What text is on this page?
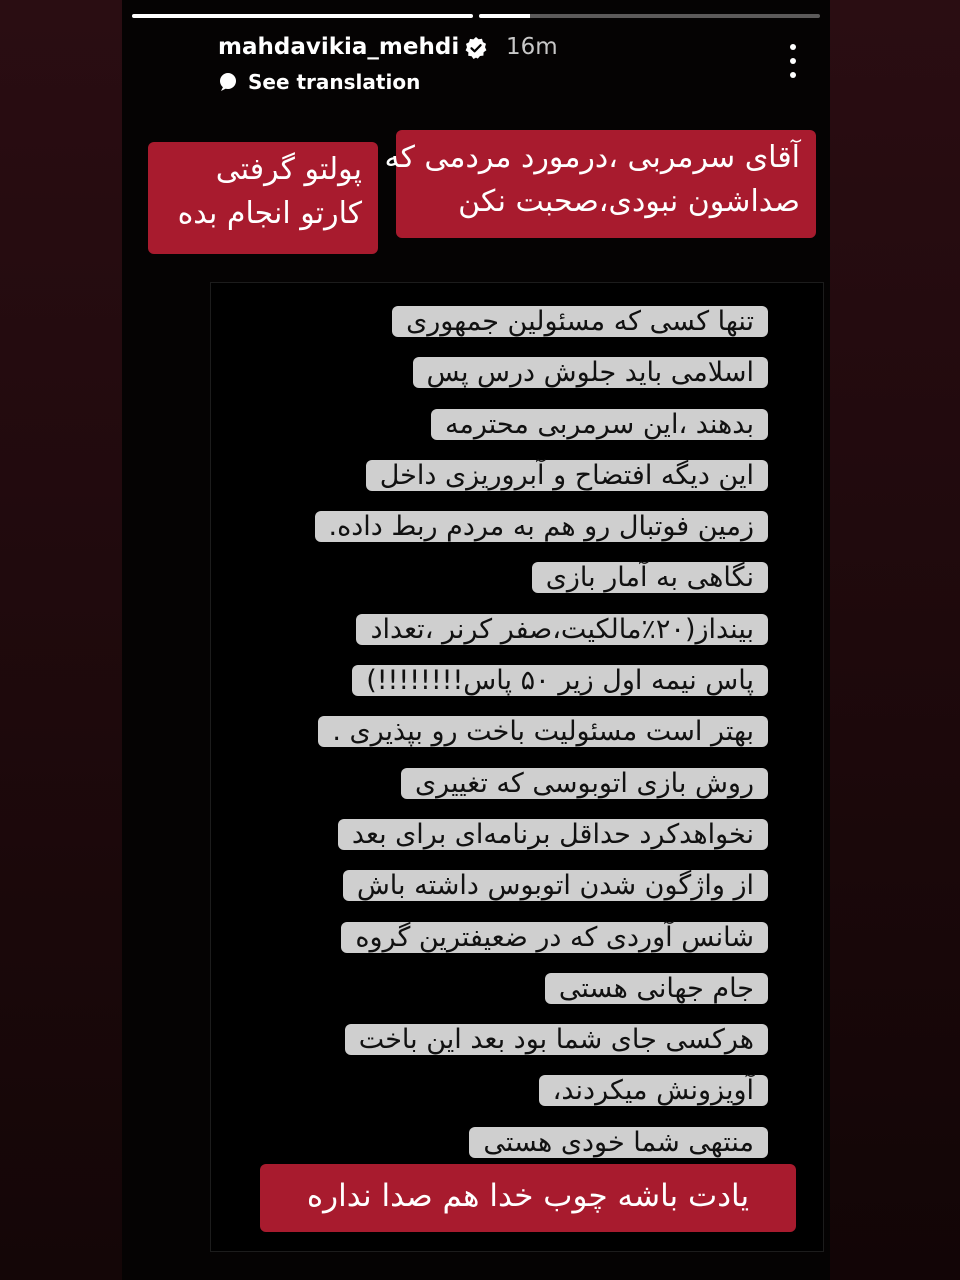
mahdavikia_mehdi 16m
See translation
پولتو گرفتی
کارتو انجام بده
آقای سرمربی ،درمورد مردمی که
صداشون نبودی،صحبت نکن
تنها کسی که مسئولین جمهوری
اسلامی باید جلوش درس پس
بدهند ،این سرمربی محترمه
این دیگه افتضاح و آبروریزی داخل
زمین فوتبال رو هم به مردم ربط داده.
نگاهی به آمار بازی
بینداز(۲۰٪مالکیت،صفر کرنر ،تعداد
پاس نیمه اول زیر ۵۰ پاس!!!!!!!!)
بهتر است مسئولیت باخت رو بپذیری .
روش بازی اتوبوسی که تغییری
نخواهدکرد حداقل برنامه‌ای برای بعد
از واژگون شدن اتوبوس داشته باش
شانس آوردی که در ضعیفترین گروه
جام جهانی هستی
هرکسی جای شما بود بعد این باخت
آویزونش میکردند،
منتهی شما خودی هستی
یادت باشه چوب خدا هم صدا نداره
